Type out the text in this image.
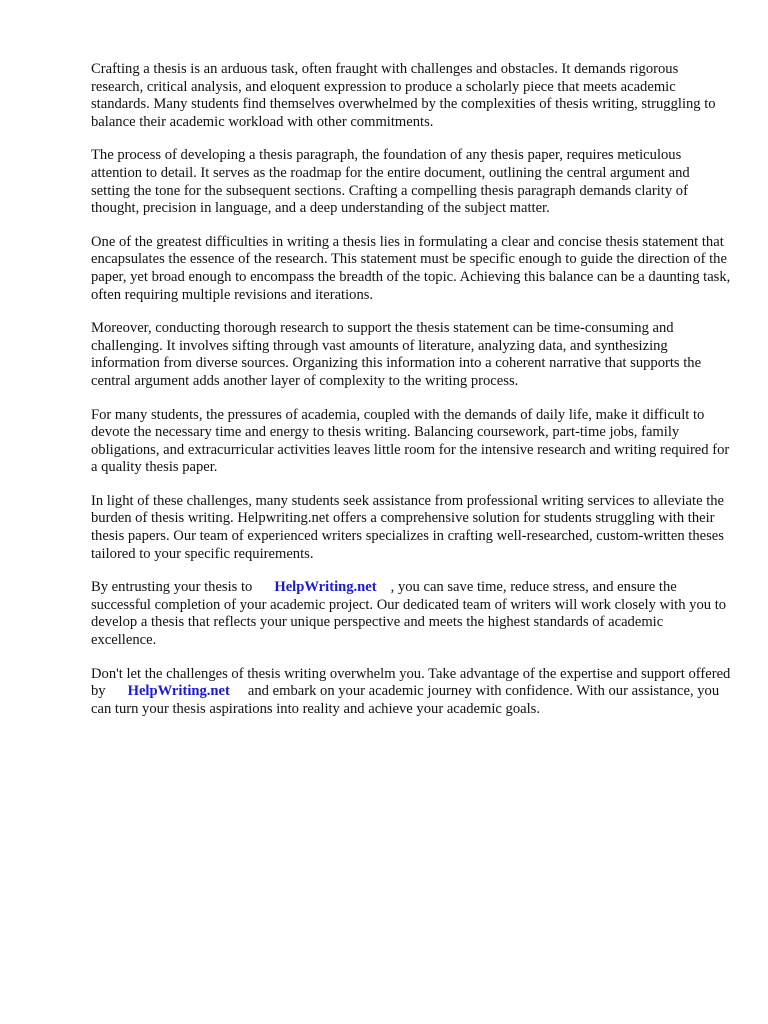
Crafting a thesis is an arduous task, often fraught with challenges and obstacles. It demands rigorous research, critical analysis, and eloquent expression to produce a scholarly piece that meets academic standards. Many students find themselves overwhelmed by the complexities of thesis writing, struggling to balance their academic workload with other commitments.

The process of developing a thesis paragraph, the foundation of any thesis paper, requires meticulous attention to detail. It serves as the roadmap for the entire document, outlining the central argument and setting the tone for the subsequent sections. Crafting a compelling thesis paragraph demands clarity of thought, precision in language, and a deep understanding of the subject matter.

One of the greatest difficulties in writing a thesis lies in formulating a clear and concise thesis statement that encapsulates the essence of the research. This statement must be specific enough to guide the direction of the paper, yet broad enough to encompass the breadth of the topic. Achieving this balance can be a daunting task, often requiring multiple revisions and iterations.

Moreover, conducting thorough research to support the thesis statement can be time-consuming and challenging. It involves sifting through vast amounts of literature, analyzing data, and synthesizing information from diverse sources. Organizing this information into a coherent narrative that supports the central argument adds another layer of complexity to the writing process.

For many students, the pressures of academia, coupled with the demands of daily life, make it difficult to devote the necessary time and energy to thesis writing. Balancing coursework, part-time jobs, family obligations, and extracurricular activities leaves little room for the intensive research and writing required for a quality thesis paper.

In light of these challenges, many students seek assistance from professional writing services to alleviate the burden of thesis writing. Helpwriting.net offers a comprehensive solution for students struggling with their thesis papers. Our team of experienced writers specializes in crafting well-researched, custom-written theses tailored to your specific requirements.

By entrusting your thesis to HelpWriting.net , you can save time, reduce stress, and ensure the successful completion of your academic project. Our dedicated team of writers will work closely with you to develop a thesis that reflects your unique perspective and meets the highest standards of academic excellence.

Don't let the challenges of thesis writing overwhelm you. Take advantage of the expertise and support offered by HelpWriting.net and embark on your academic journey with confidence. With our assistance, you can turn your thesis aspirations into reality and achieve your academic goals.
